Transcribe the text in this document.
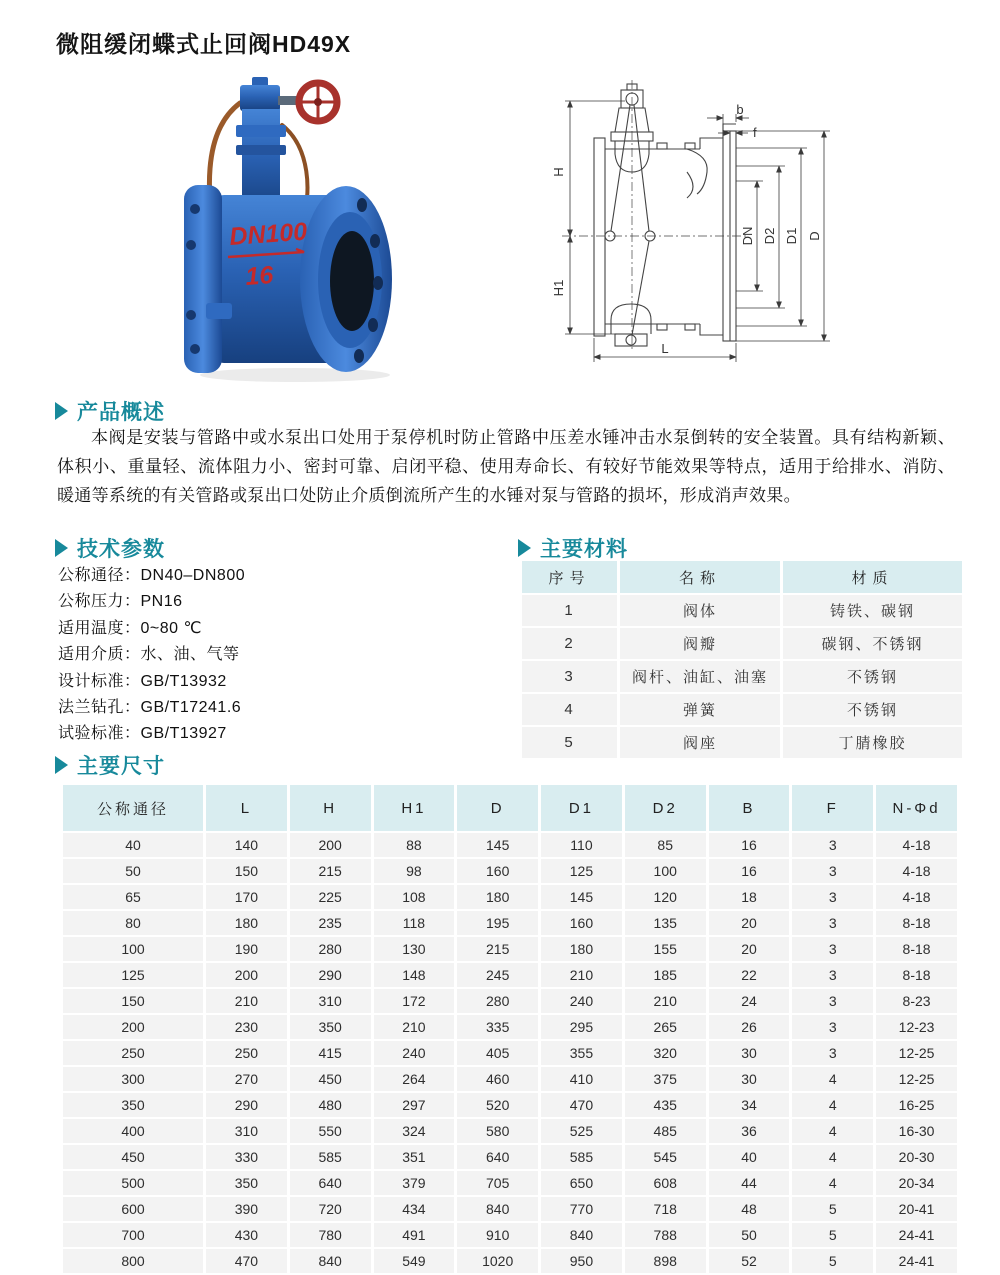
微阻缓闭蝶式止回阀HD49X
DN100
16
H
H1
L
b
f
DN D2 D1 D
产品概述
本阀是安装与管路中或水泵出口处用于泵停机时防止管路中压差水锤冲击水泵倒转的安全装置。具有结构新颖、体积小、重量轻、流体阻力小、密封可靠、启闭平稳、使用寿命长、有较好节能效果等特点，适用于给排水、消防、暖通等系统的有关管路或泵出口处防止介质倒流所产生的水锤对泵与管路的损坏，形成消声效果。
技术参数
公称通径：DN40–DN800
公称压力：PN16
适用温度：0~80 ℃
适用介质：水、油、气等
设计标准：GB/T13932
法兰钻孔：GB/T17241.6
试验标准：GB/T13927
主要材料
序号	名称	材质
1	阀体	铸铁、碳钢
2	阀瓣	碳钢、不锈钢
3	阀杆、油缸、油塞	不锈钢
4	弹簧	不锈钢
5	阀座	丁腈橡胶
主要尺寸
公称通径	L	H	H1	D	D1	D2	B	F	N-Φd
40	140	200	88	145	110	85	16	3	4-18
50	150	215	98	160	125	100	16	3	4-18
65	170	225	108	180	145	120	18	3	4-18
80	180	235	118	195	160	135	20	3	8-18
100	190	280	130	215	180	155	20	3	8-18
125	200	290	148	245	210	185	22	3	8-18
150	210	310	172	280	240	210	24	3	8-23
200	230	350	210	335	295	265	26	3	12-23
250	250	415	240	405	355	320	30	3	12-25
300	270	450	264	460	410	375	30	4	12-25
350	290	480	297	520	470	435	34	4	16-25
400	310	550	324	580	525	485	36	4	16-30
450	330	585	351	640	585	545	40	4	20-30
500	350	640	379	705	650	608	44	4	20-34
600	390	720	434	840	770	718	48	5	20-41
700	430	780	491	910	840	788	50	5	24-41
800	470	840	549	1020	950	898	52	5	24-41
